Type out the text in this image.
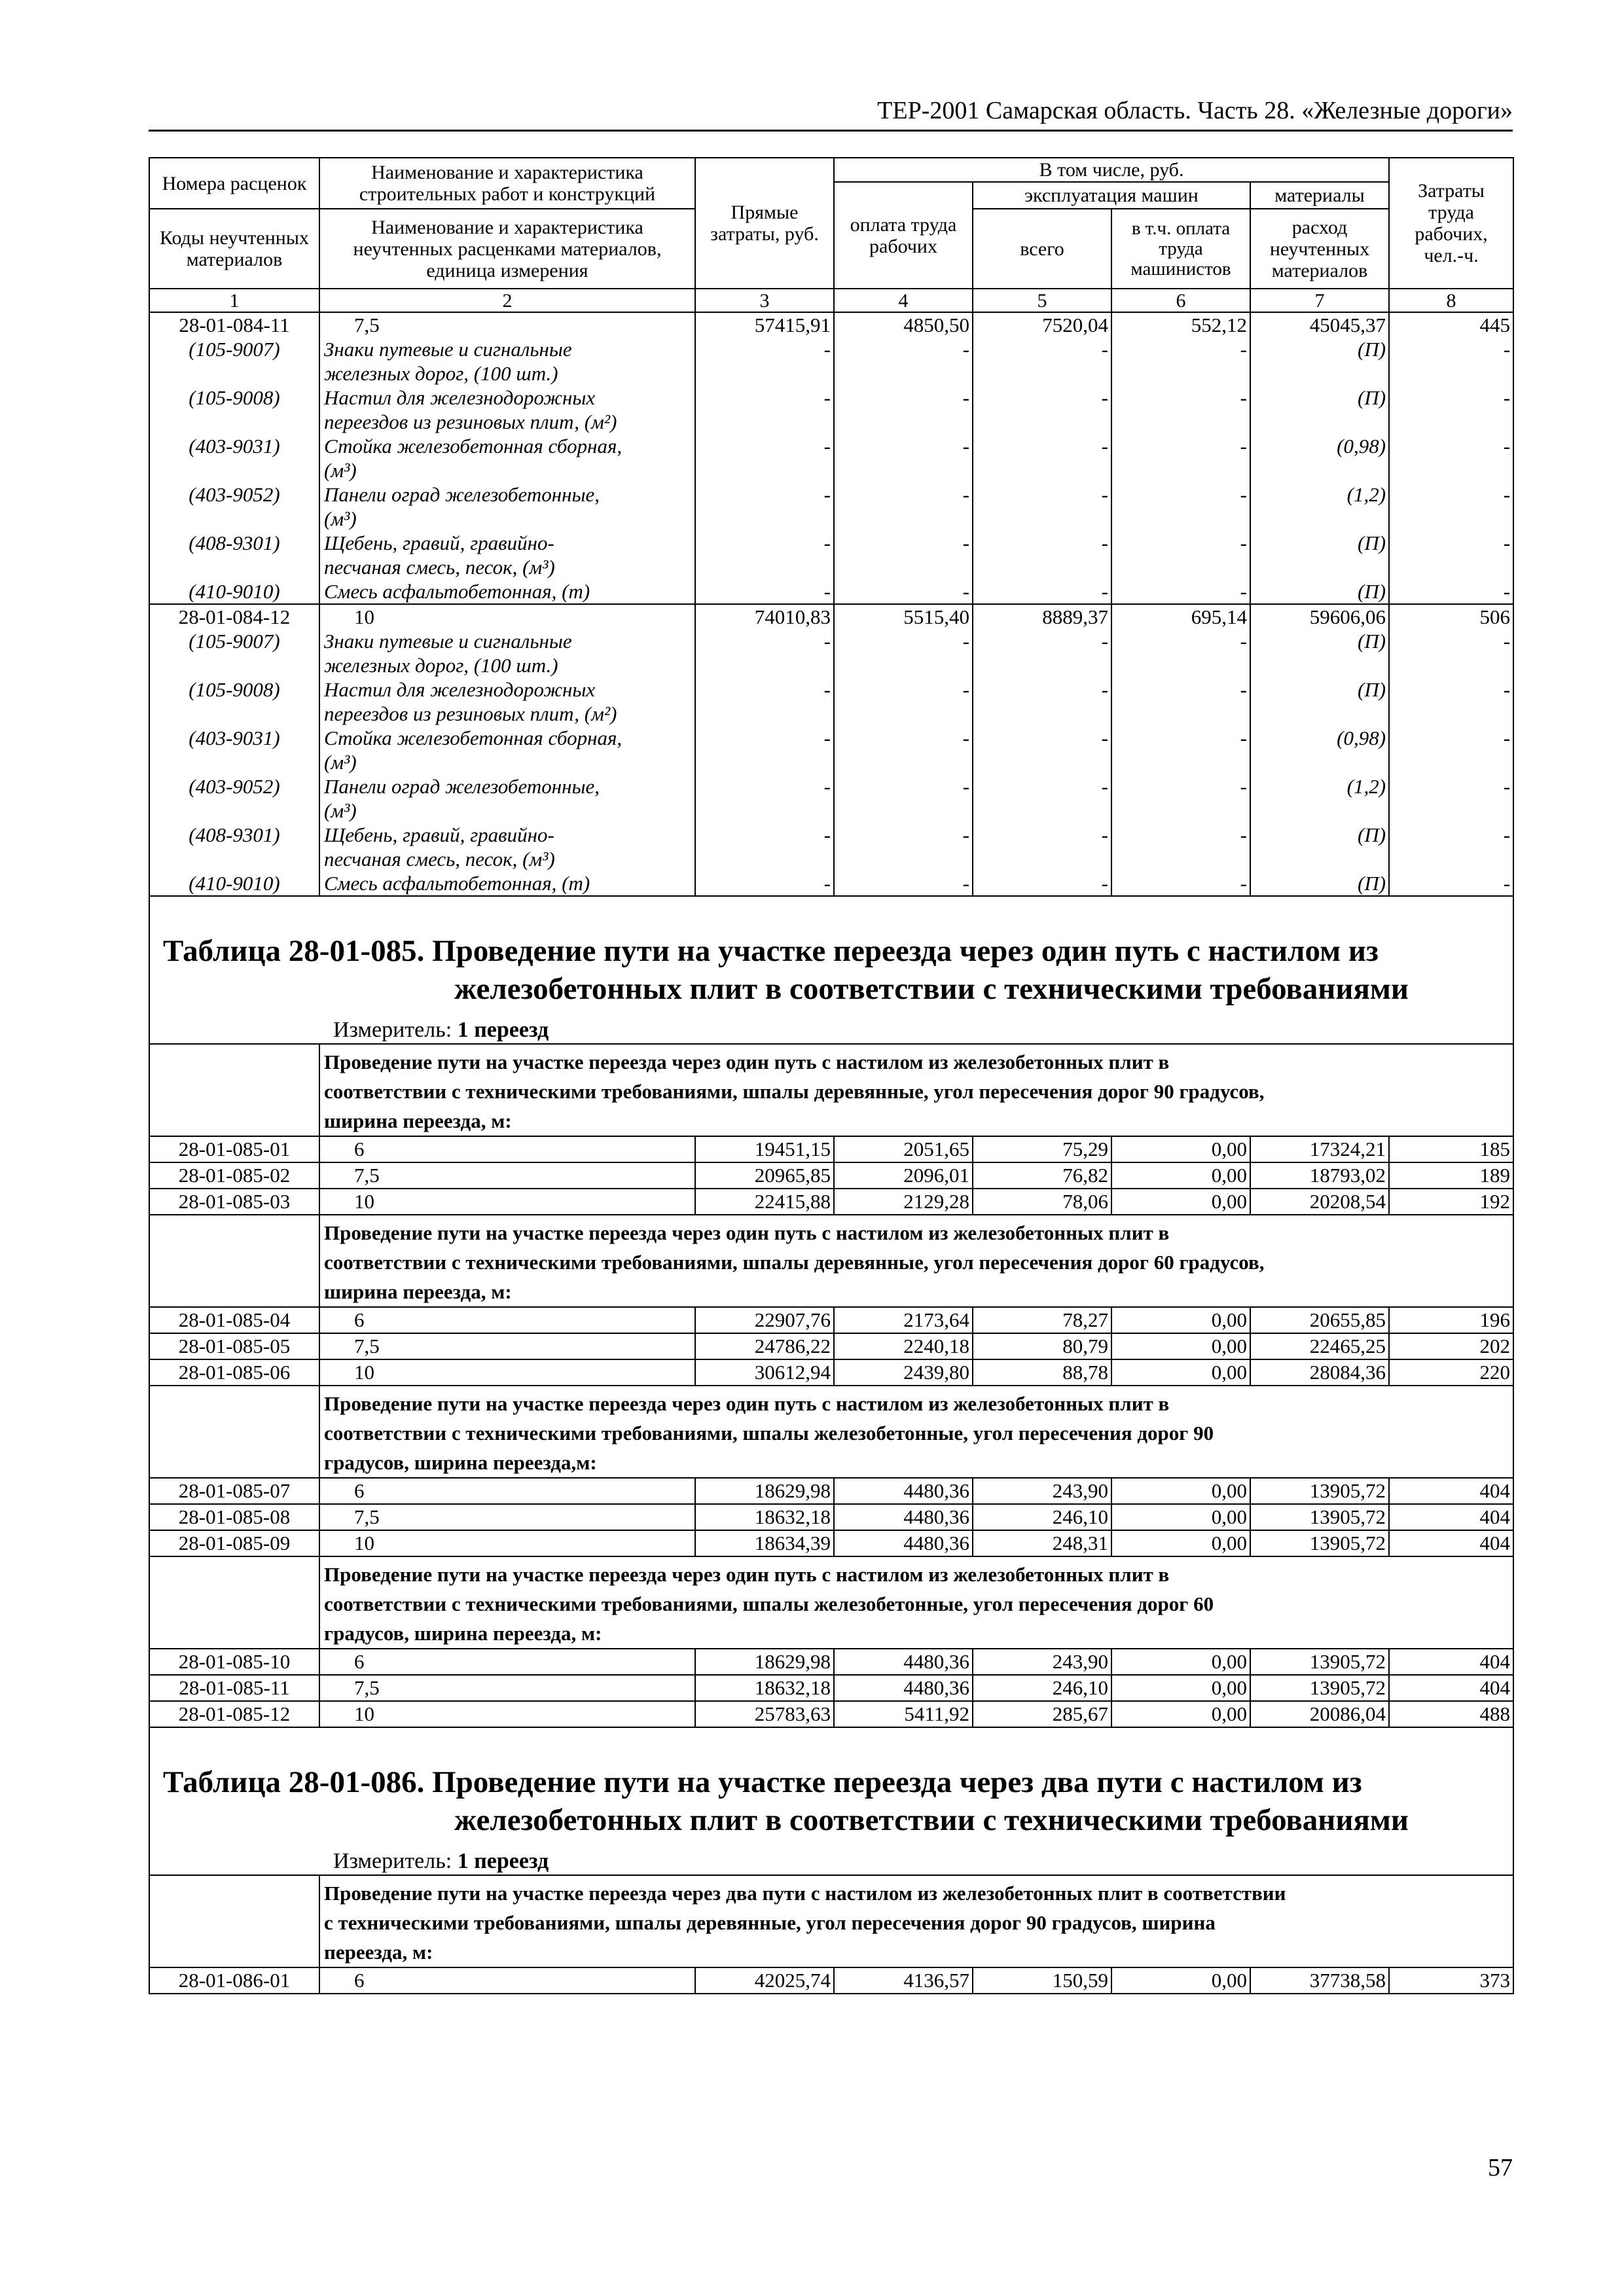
ТЕР-2001 Самарская область. Часть 28. «Железные дороги»
Номера расценок	Наименование и характеристика строительных работ и конструкций	Прямые затраты, руб.	В том числе, руб.				Затраты труда рабочих, чел.-ч.
			оплата труда рабочих	эксплуатация машин		материалы	
Коды неучтенных материалов	Наименование и характеристика неучтенных расценками материалов, единица измерения			всего	в т.ч. оплата труда машинистов	расход неучтенных материалов	

1	2	3	4	5	6	7	8
28-01-084-11	7,5	57415,91	4850,50	7520,04	552,12	45045,37	445
(105-9007)	Знаки путевые и сигнальные
железных дорог, (100 шт.)	-	-	-	-	(П)	-
(105-9008)	Настил для железнодорожных
переездов из резиновых плит, (м²)	-	-	-	-	(П)	-
(403-9031)	Стойка железобетонная сборная,
(м³)	-	-	-	-	(0,98)	-
(403-9052)	Панели оград железобетонные,
(м³)	-	-	-	-	(1,2)	-
(408-9301)	Щебень, гравий, гравийно-
песчаная смесь, песок, (м³)	-	-	-	-	(П)	-
(410-9010)	Смесь асфальтобетонная, (т)	-	-	-	-	(П)	-
28-01-084-12	10	74010,83	5515,40	8889,37	695,14	59606,06	506
(105-9007)	Знаки путевые и сигнальные
железных дорог, (100 шт.)	-	-	-	-	(П)	-
(105-9008)	Настил для железнодорожных
переездов из резиновых плит, (м²)	-	-	-	-	(П)	-
(403-9031)	Стойка железобетонная сборная,
(м³)	-	-	-	-	(0,98)	-
(403-9052)	Панели оград железобетонные,
(м³)	-	-	-	-	(1,2)	-
(408-9301)	Щебень, гравий, гравийно-
песчаная смесь, песок, (м³)	-	-	-	-	(П)	-
(410-9010)	Смесь асфальтобетонная, (т)	-	-	-	-	(П)	-

Таблица 28-01-085. Проведение пути на участке переезда через один путь с настилом из
железобетонных плит в соответствии с техническими требованиями
Измеритель: 1 переезд							

	Проведение пути на участке переезда через один путь с настилом из железобетонных плит в
соответствии с техническими требованиями, шпалы деревянные, угол пересечения дорог 90 градусов,
ширина переезда, м:						

28-01-085-01	6	19451,15	2051,65	75,29	0,00	17324,21	185
28-01-085-02	7,5	20965,85	2096,01	76,82	0,00	18793,02	189
28-01-085-03	10	22415,88	2129,28	78,06	0,00	20208,54	192

	Проведение пути на участке переезда через один путь с настилом из железобетонных плит в
соответствии с техническими требованиями, шпалы деревянные, угол пересечения дорог 60 градусов,
ширина переезда, м:						

28-01-085-04	6	22907,76	2173,64	78,27	0,00	20655,85	196
28-01-085-05	7,5	24786,22	2240,18	80,79	0,00	22465,25	202
28-01-085-06	10	30612,94	2439,80	88,78	0,00	28084,36	220

	Проведение пути на участке переезда через один путь с настилом из железобетонных плит в
соответствии с техническими требованиями, шпалы железобетонные, угол пересечения дорог 90
градусов, ширина переезда,м:						

28-01-085-07	6	18629,98	4480,36	243,90	0,00	13905,72	404
28-01-085-08	7,5	18632,18	4480,36	246,10	0,00	13905,72	404
28-01-085-09	10	18634,39	4480,36	248,31	0,00	13905,72	404

	Проведение пути на участке переезда через один путь с настилом из железобетонных плит в
соответствии с техническими требованиями, шпалы железобетонные, угол пересечения дорог 60
градусов, ширина переезда, м:						

28-01-085-10	6	18629,98	4480,36	243,90	0,00	13905,72	404
28-01-085-11	7,5	18632,18	4480,36	246,10	0,00	13905,72	404
28-01-085-12	10	25783,63	5411,92	285,67	0,00	20086,04	488

Таблица 28-01-086. Проведение пути на участке переезда через два пути с настилом из
железобетонных плит в соответствии с техническими требованиями
Измеритель: 1 переезд							

	Проведение пути на участке переезда через два пути с настилом из железобетонных плит в соответствии
с техническими требованиями, шпалы деревянные, угол пересечения дорог 90 градусов, ширина
переезда, м:						

28-01-086-01	6	42025,74	4136,57	150,59	0,00	37738,58	373
57
